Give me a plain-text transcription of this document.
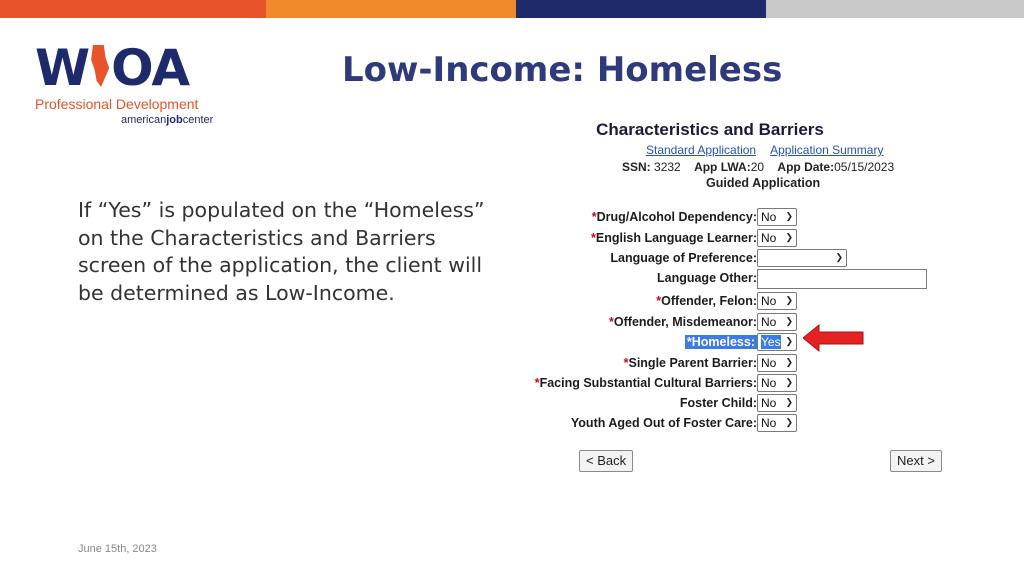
W OA
Professional Development
americanjobcenter
Low-Income: Homeless
If “Yes” is populated on the “Homeless” on the Characteristics and Barriers screen of the application, the client will be determined as Low-Income.
June 15th, 2023
Characteristics and Barriers
Standard Application Application Summary
SSN: 3232 App LWA:20 App Date:05/15/2023
Guided Application
*Drug/Alcohol Dependency: No ❯
*English Language Learner: No ❯
Language of Preference:	❯
Language Other:
*Offender, Felon: No ❯
*Offender, Misdemeanor: No ❯
*Homeless: Yes ❯
*Single Parent Barrier: No ❯
*Facing Substantial Cultural Barriers: No ❯
Foster Child: No ❯
Youth Aged Out of Foster Care: No ❯
< Back	Next >
